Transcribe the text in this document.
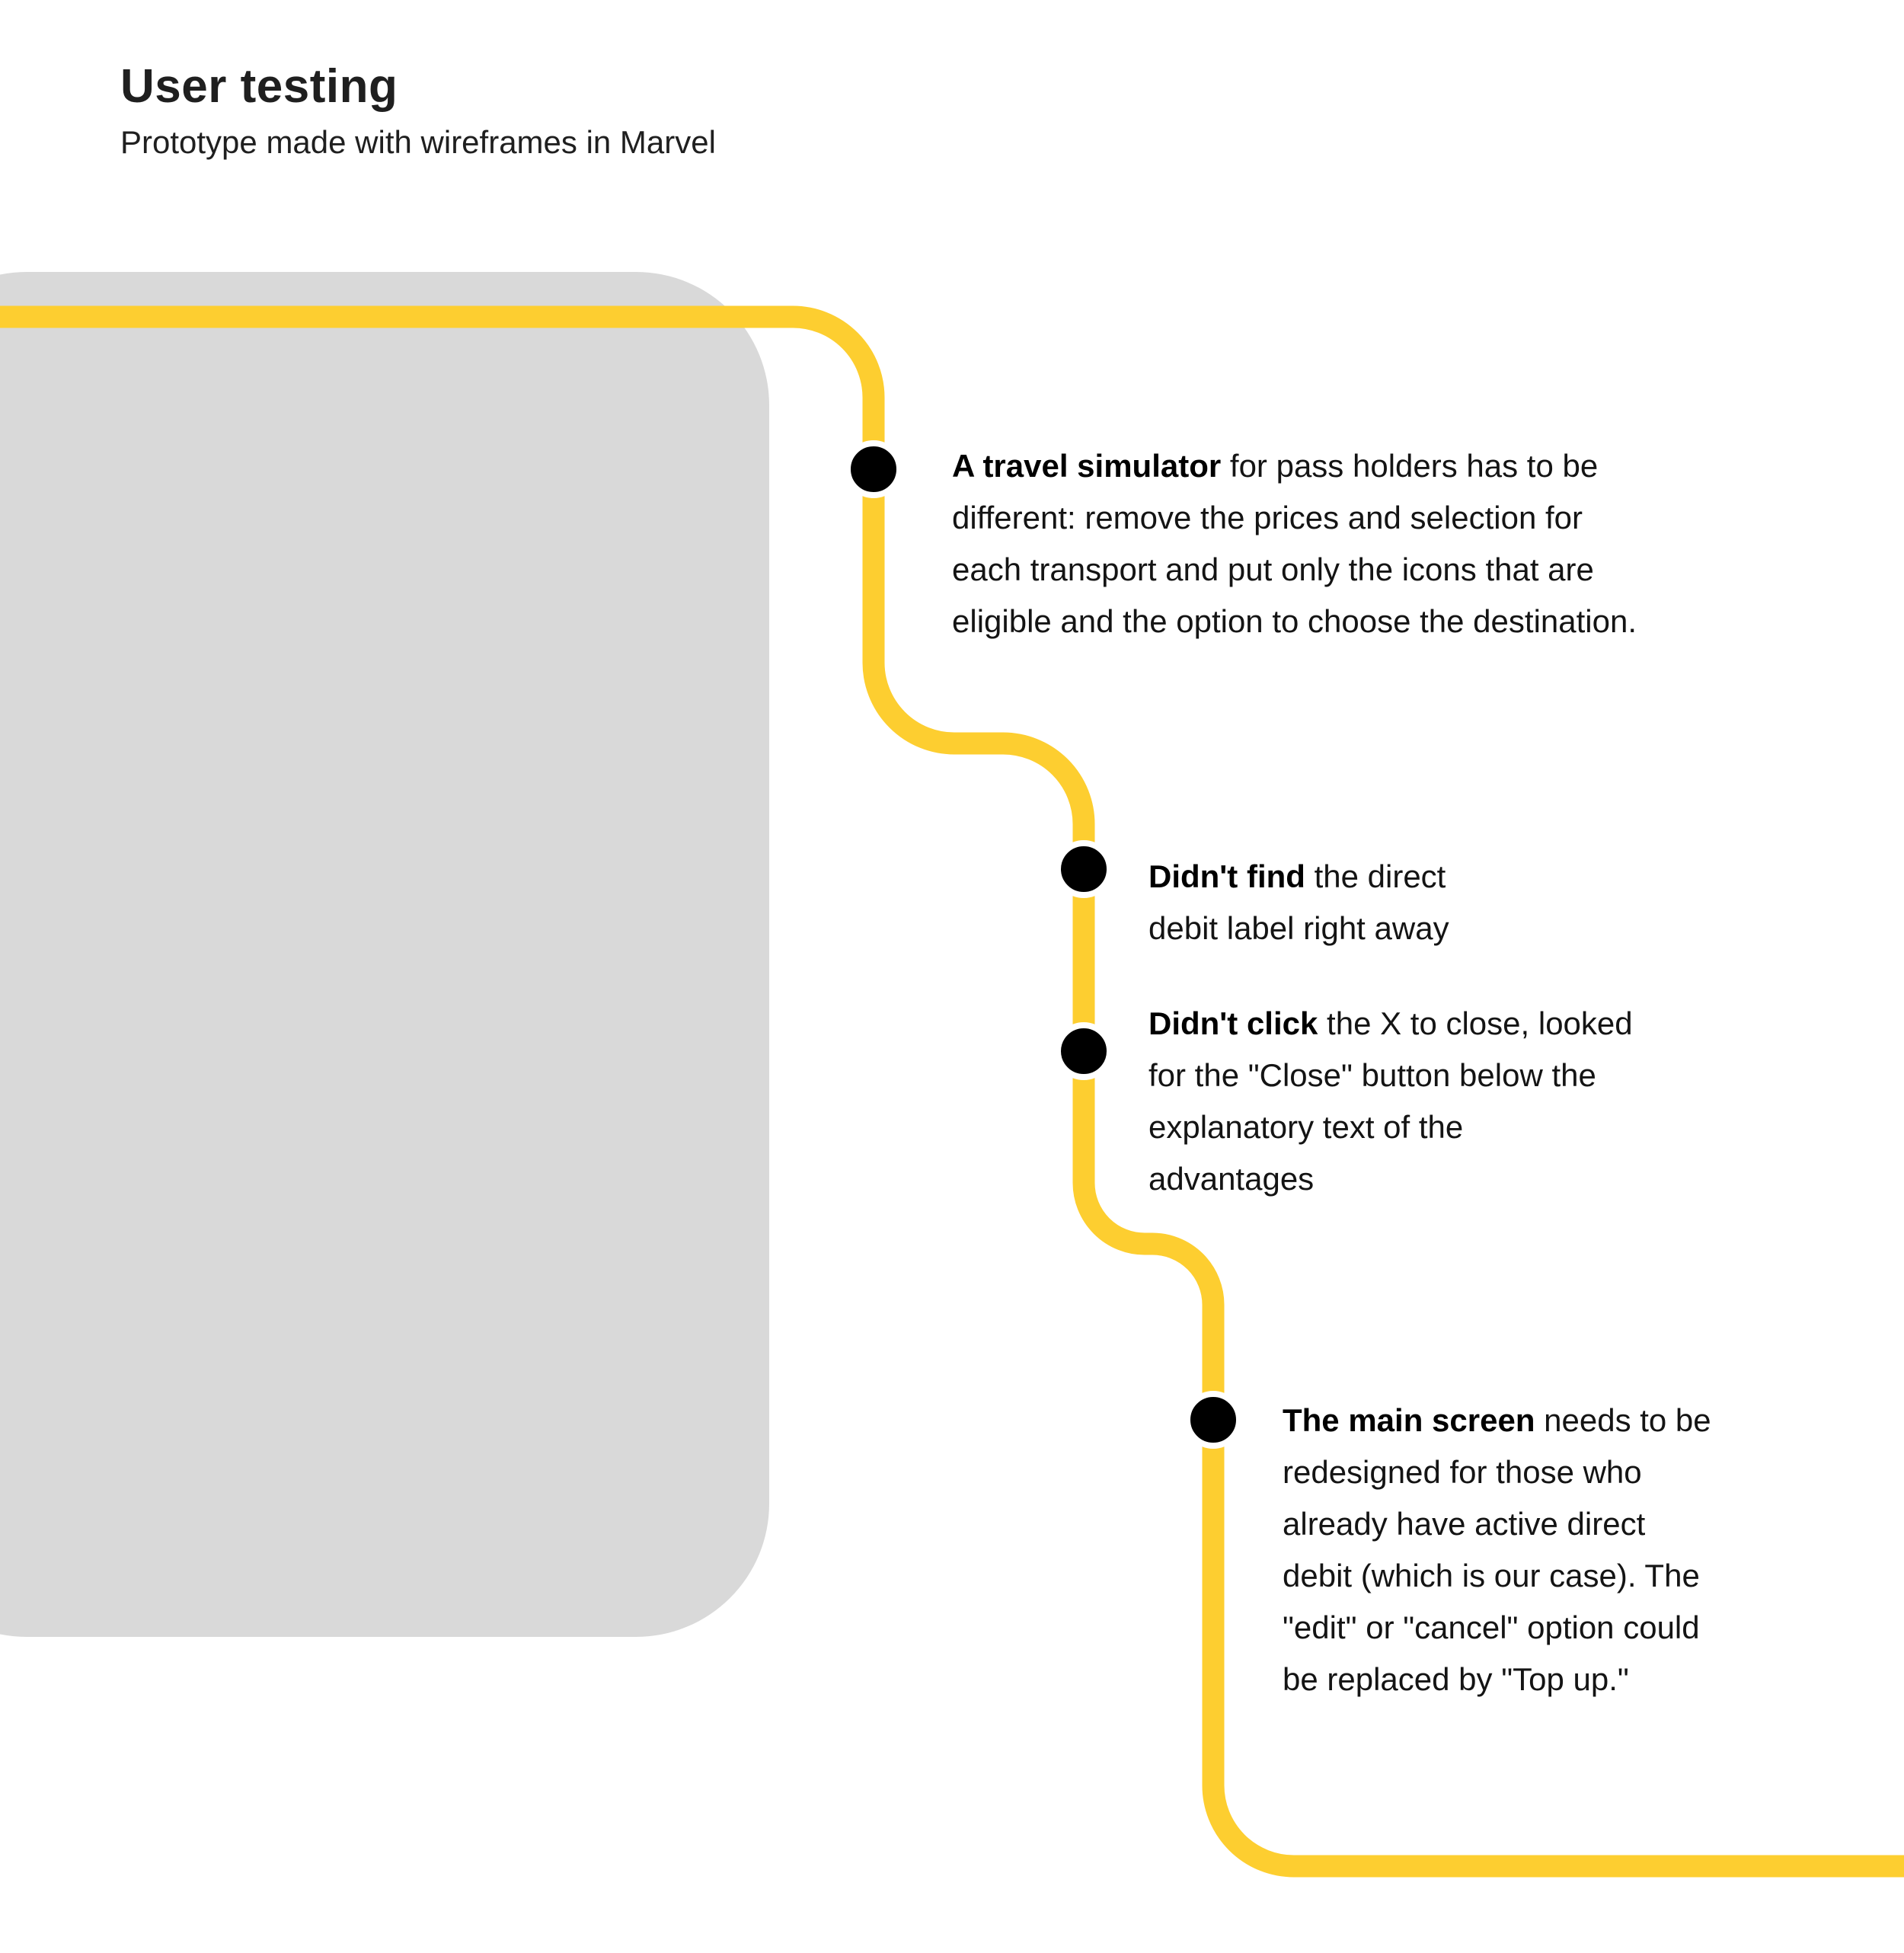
User testing
Prototype made with wireframes in Marvel
A travel simulator for pass holders has to be
different: remove the prices and selection for
each transport and put only the icons that are
eligible and the option to choose the destination.
Didn't find the direct
debit label right away
Didn't click the X to close, looked
for the "Close" button below the
explanatory text of the
advantages
The main screen needs to be
redesigned for those who
already have active direct
debit (which is our case). The
"edit" or "cancel" option could
be replaced by "Top up."
